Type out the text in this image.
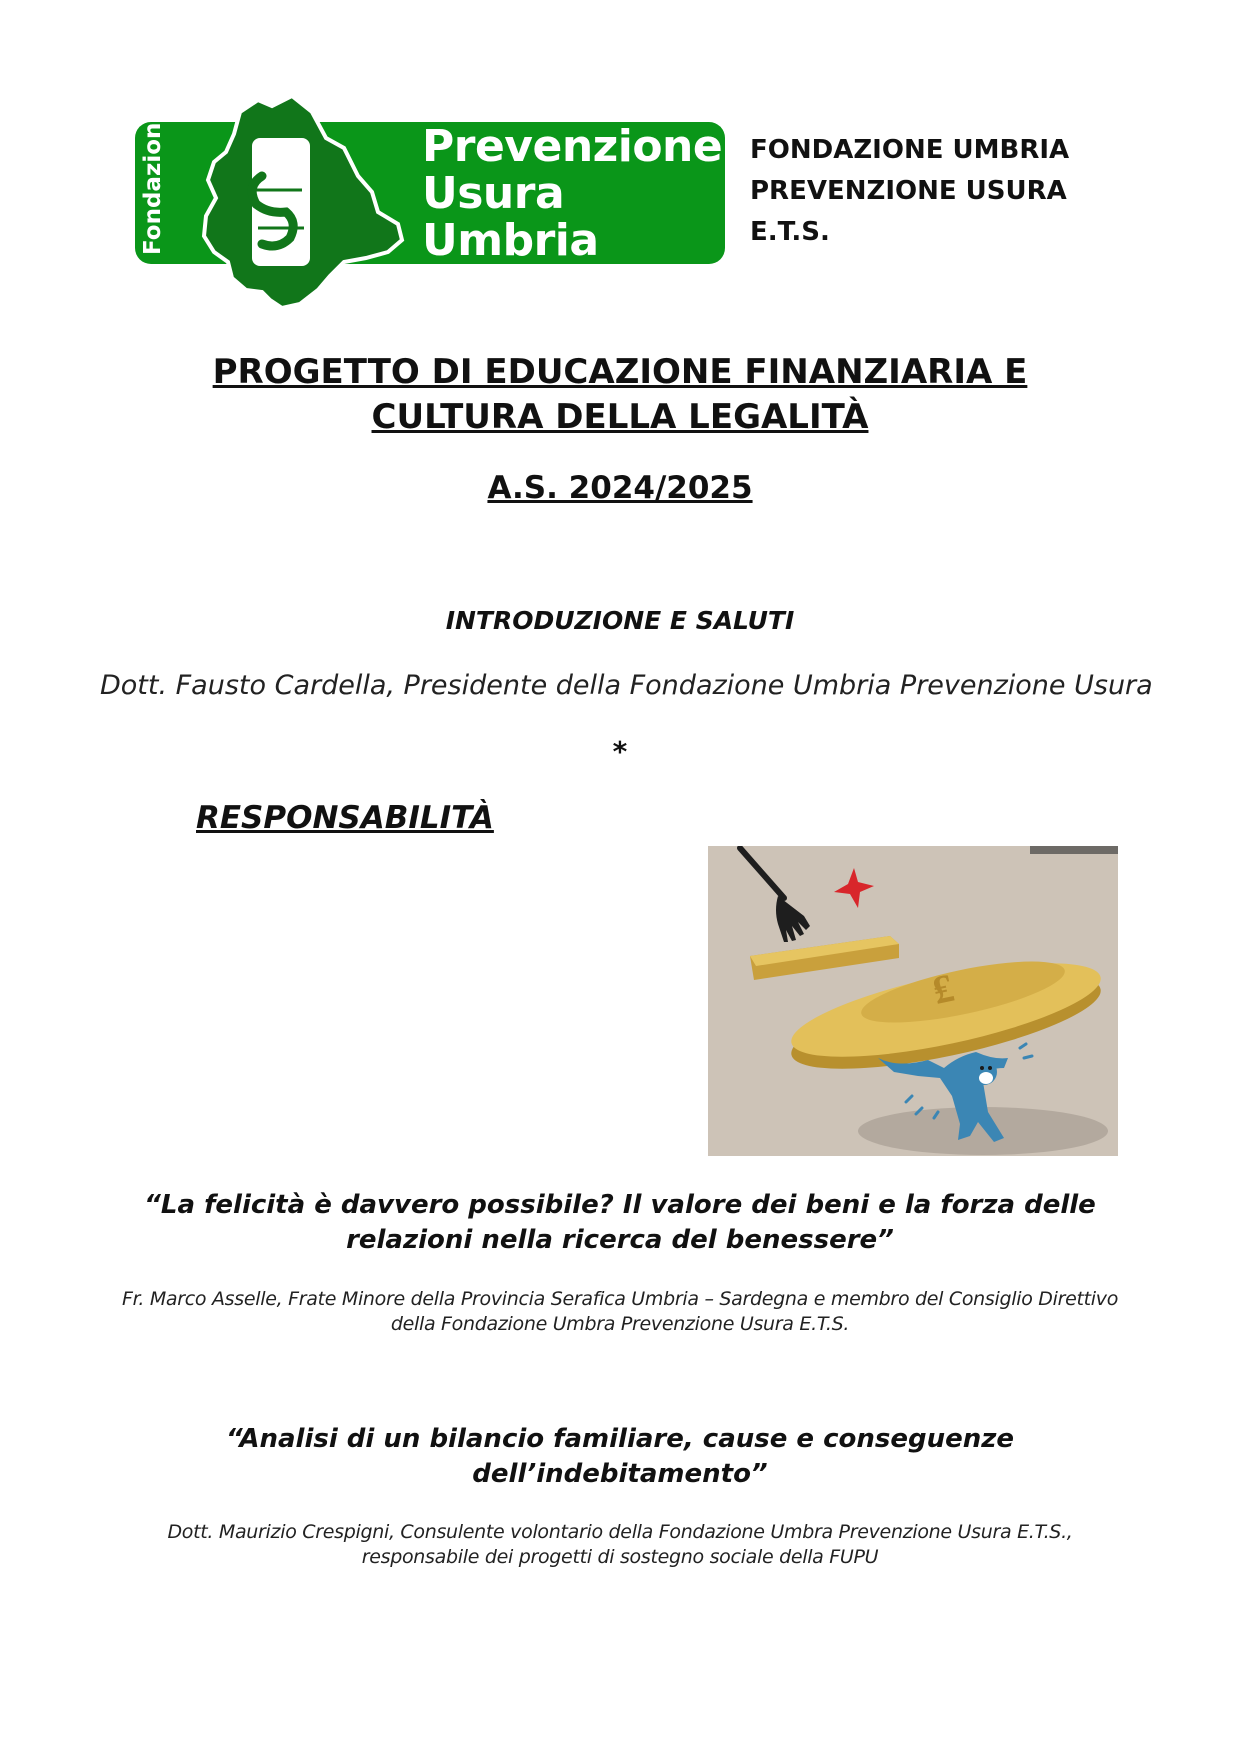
Fondazione	Prevenzione
Usura
Umbria
FONDAZIONE UMBRIA
PREVENZIONE USURA
E.T.S.
PROGETTO DI EDUCAZIONE FINANZIARIA E
CULTURA DELLA LEGALITÀ
A.S. 2024/2025
INTRODUZIONE E SALUTI
Dott. Fausto Cardella, Presidente della Fondazione Umbria Prevenzione Usura
*
RESPONSABILITÀ
₤
“La felicità è davvero possibile? Il valore dei beni e la forza delle
relazioni nella ricerca del benessere”
Fr. Marco Asselle, Frate Minore della Provincia Serafica Umbria – Sardegna e membro del Consiglio Direttivo
della Fondazione Umbra Prevenzione Usura E.T.S.
“Analisi di un bilancio familiare, cause e conseguenze
dell’indebitamento”
Dott. Maurizio Crespigni, Consulente volontario della Fondazione Umbra Prevenzione Usura E.T.S.,
responsabile dei progetti di sostegno sociale della FUPU
